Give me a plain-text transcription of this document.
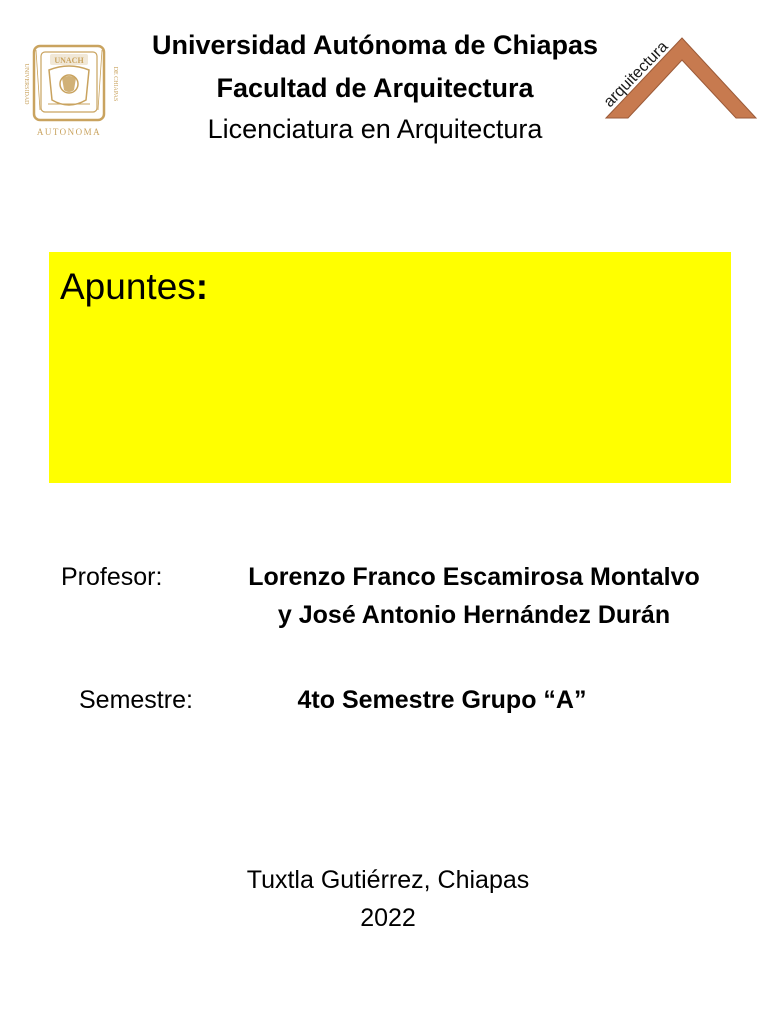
UNACH
UNIVERSIDAD	DE CHIAPAS
AUTONOMA
arquitectura
Universidad Autónoma de Chiapas
Facultad de Arquitectura
Licenciatura en Arquitectura
Apuntes:
Profesor:	Lorenzo Franco Escamirosa Montalvo
y José Antonio Hernández Durán
Semestre:	4to Semestre Grupo “A”
Tuxtla Gutiérrez, Chiapas
2022
